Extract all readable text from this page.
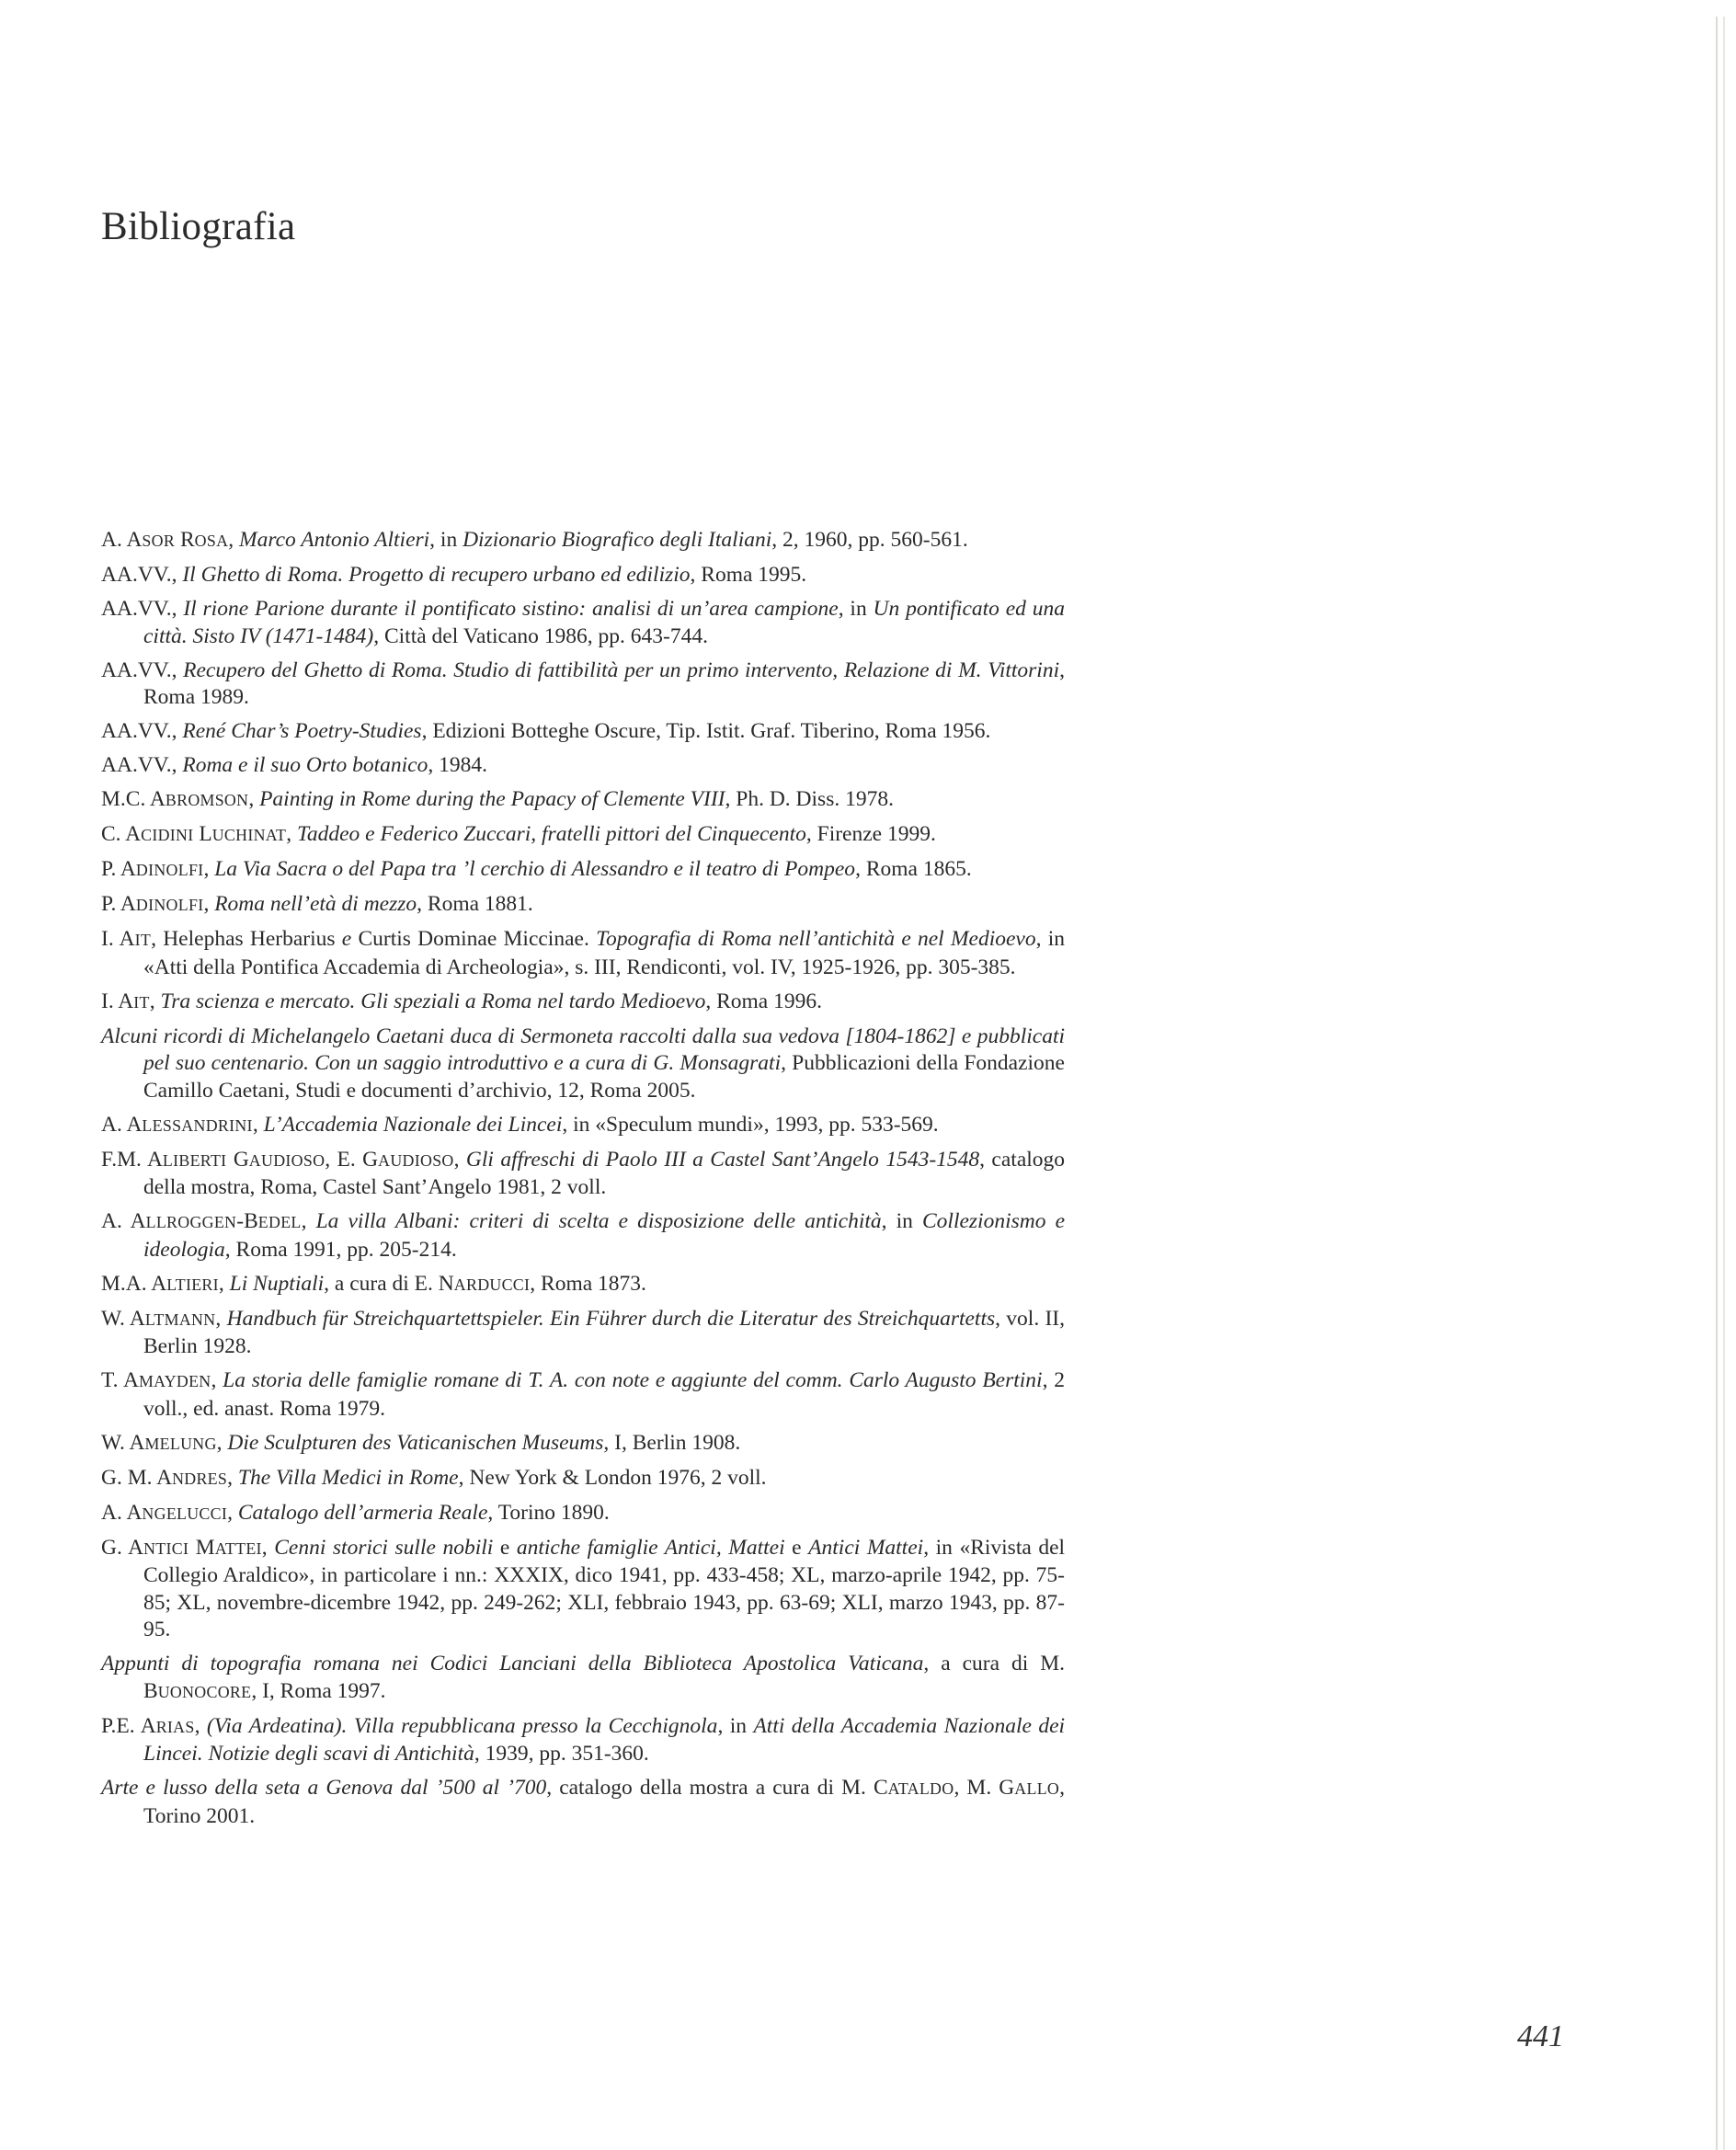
Bibliografia
A. ASOR ROSA, Marco Antonio Altieri, in Dizionario Biografico degli Italiani, 2, 1960, pp. 560-561.
AA.VV., Il Ghetto di Roma. Progetto di recupero urbano ed edilizio, Roma 1995.
AA.VV., Il rione Parione durante il pontificato sistino: analisi di un’area campione, in Un pontificato ed una città. Sisto IV (1471-1484), Città del Vaticano 1986, pp. 643-744.
AA.VV., Recupero del Ghetto di Roma. Studio di fattibilità per un primo intervento, Relazione di M. Vittorini, Roma 1989.
AA.VV., René Char’s Poetry-Studies, Edizioni Botteghe Oscure, Tip. Istit. Graf. Tiberino, Roma 1956.
AA.VV., Roma e il suo Orto botanico, 1984.
M.C. ABROMSON, Painting in Rome during the Papacy of Clemente VIII, Ph. D. Diss. 1978.
C. ACIDINI LUCHINAT, Taddeo e Federico Zuccari, fratelli pittori del Cinquecento, Firenze 1999.
P. ADINOLFI, La Via Sacra o del Papa tra ’l cerchio di Alessandro e il teatro di Pompeo, Roma 1865.
P. ADINOLFI, Roma nell’età di mezzo, Roma 1881.
I. AIT, Helephas Herbarius e Curtis Dominae Miccinae. Topografia di Roma nell’antichità e nel Medioevo, in «Atti della Pontifica Accademia di Archeologia», s. III, Rendiconti, vol. IV, 1925-1926, pp. 305-385.
I. AIT, Tra scienza e mercato. Gli speziali a Roma nel tardo Medioevo, Roma 1996.
Alcuni ricordi di Michelangelo Caetani duca di Sermoneta raccolti dalla sua vedova [1804-1862] e pubblicati pel suo centenario. Con un saggio introduttivo e a cura di G. Monsagrati, Pubblicazioni della Fondazione Camillo Caetani, Studi e documenti d’archivio, 12, Roma 2005.
A. ALESSANDRINI, L’Accademia Nazionale dei Lincei, in «Speculum mundi», 1993, pp. 533-569.
F.M. ALIBERTI GAUDIOSO, E. GAUDIOSO, Gli affreschi di Paolo III a Castel Sant’Angelo 1543-1548, catalogo della mostra, Roma, Castel Sant’Angelo 1981, 2 voll.
A. ALLROGGEN-BEDEL, La villa Albani: criteri di scelta e disposizione delle antichità, in Collezionismo e ideologia, Roma 1991, pp. 205-214.
M.A. ALTIERI, Li Nuptiali, a cura di E. NARDUCCI, Roma 1873.
W. ALTMANN, Handbuch für Streichquartettspieler. Ein Führer durch die Literatur des Streichquartetts, vol. II, Berlin 1928.
T. AMAYDEN, La storia delle famiglie romane di T. A. con note e aggiunte del comm. Carlo Augusto Bertini, 2 voll., ed. anast. Roma 1979.
W. AMELUNG, Die Sculpturen des Vaticanischen Museums, I, Berlin 1908.
G. M. ANDRES, The Villa Medici in Rome, New York & London 1976, 2 voll.
A. ANGELUCCI, Catalogo dell’armeria Reale, Torino 1890.
G. ANTICI MATTEI, Cenni storici sulle nobili e antiche famiglie Antici, Mattei e Antici Mattei, in «Rivista del Collegio Araldico», in particolare i nn.: XXXIX, dico 1941, pp. 433-458; XL, marzo-aprile 1942, pp. 75-85; XL, novembre-dicembre 1942, pp. 249-262; XLI, febbraio 1943, pp. 63-69; XLI, marzo 1943, pp. 87-95.
Appunti di topografia romana nei Codici Lanciani della Biblioteca Apostolica Vaticana, a cura di M. BUONOCORE, I, Roma 1997.
P.E. ARIAS, (Via Ardeatina). Villa repubblicana presso la Cecchignola, in Atti della Accademia Nazionale dei Lincei. Notizie degli scavi di Antichità, 1939, pp. 351-360.
Arte e lusso della seta a Genova dal ’500 al ’700, catalogo della mostra a cura di M. CATALDO, M. GALLO, Torino 2001.
441
